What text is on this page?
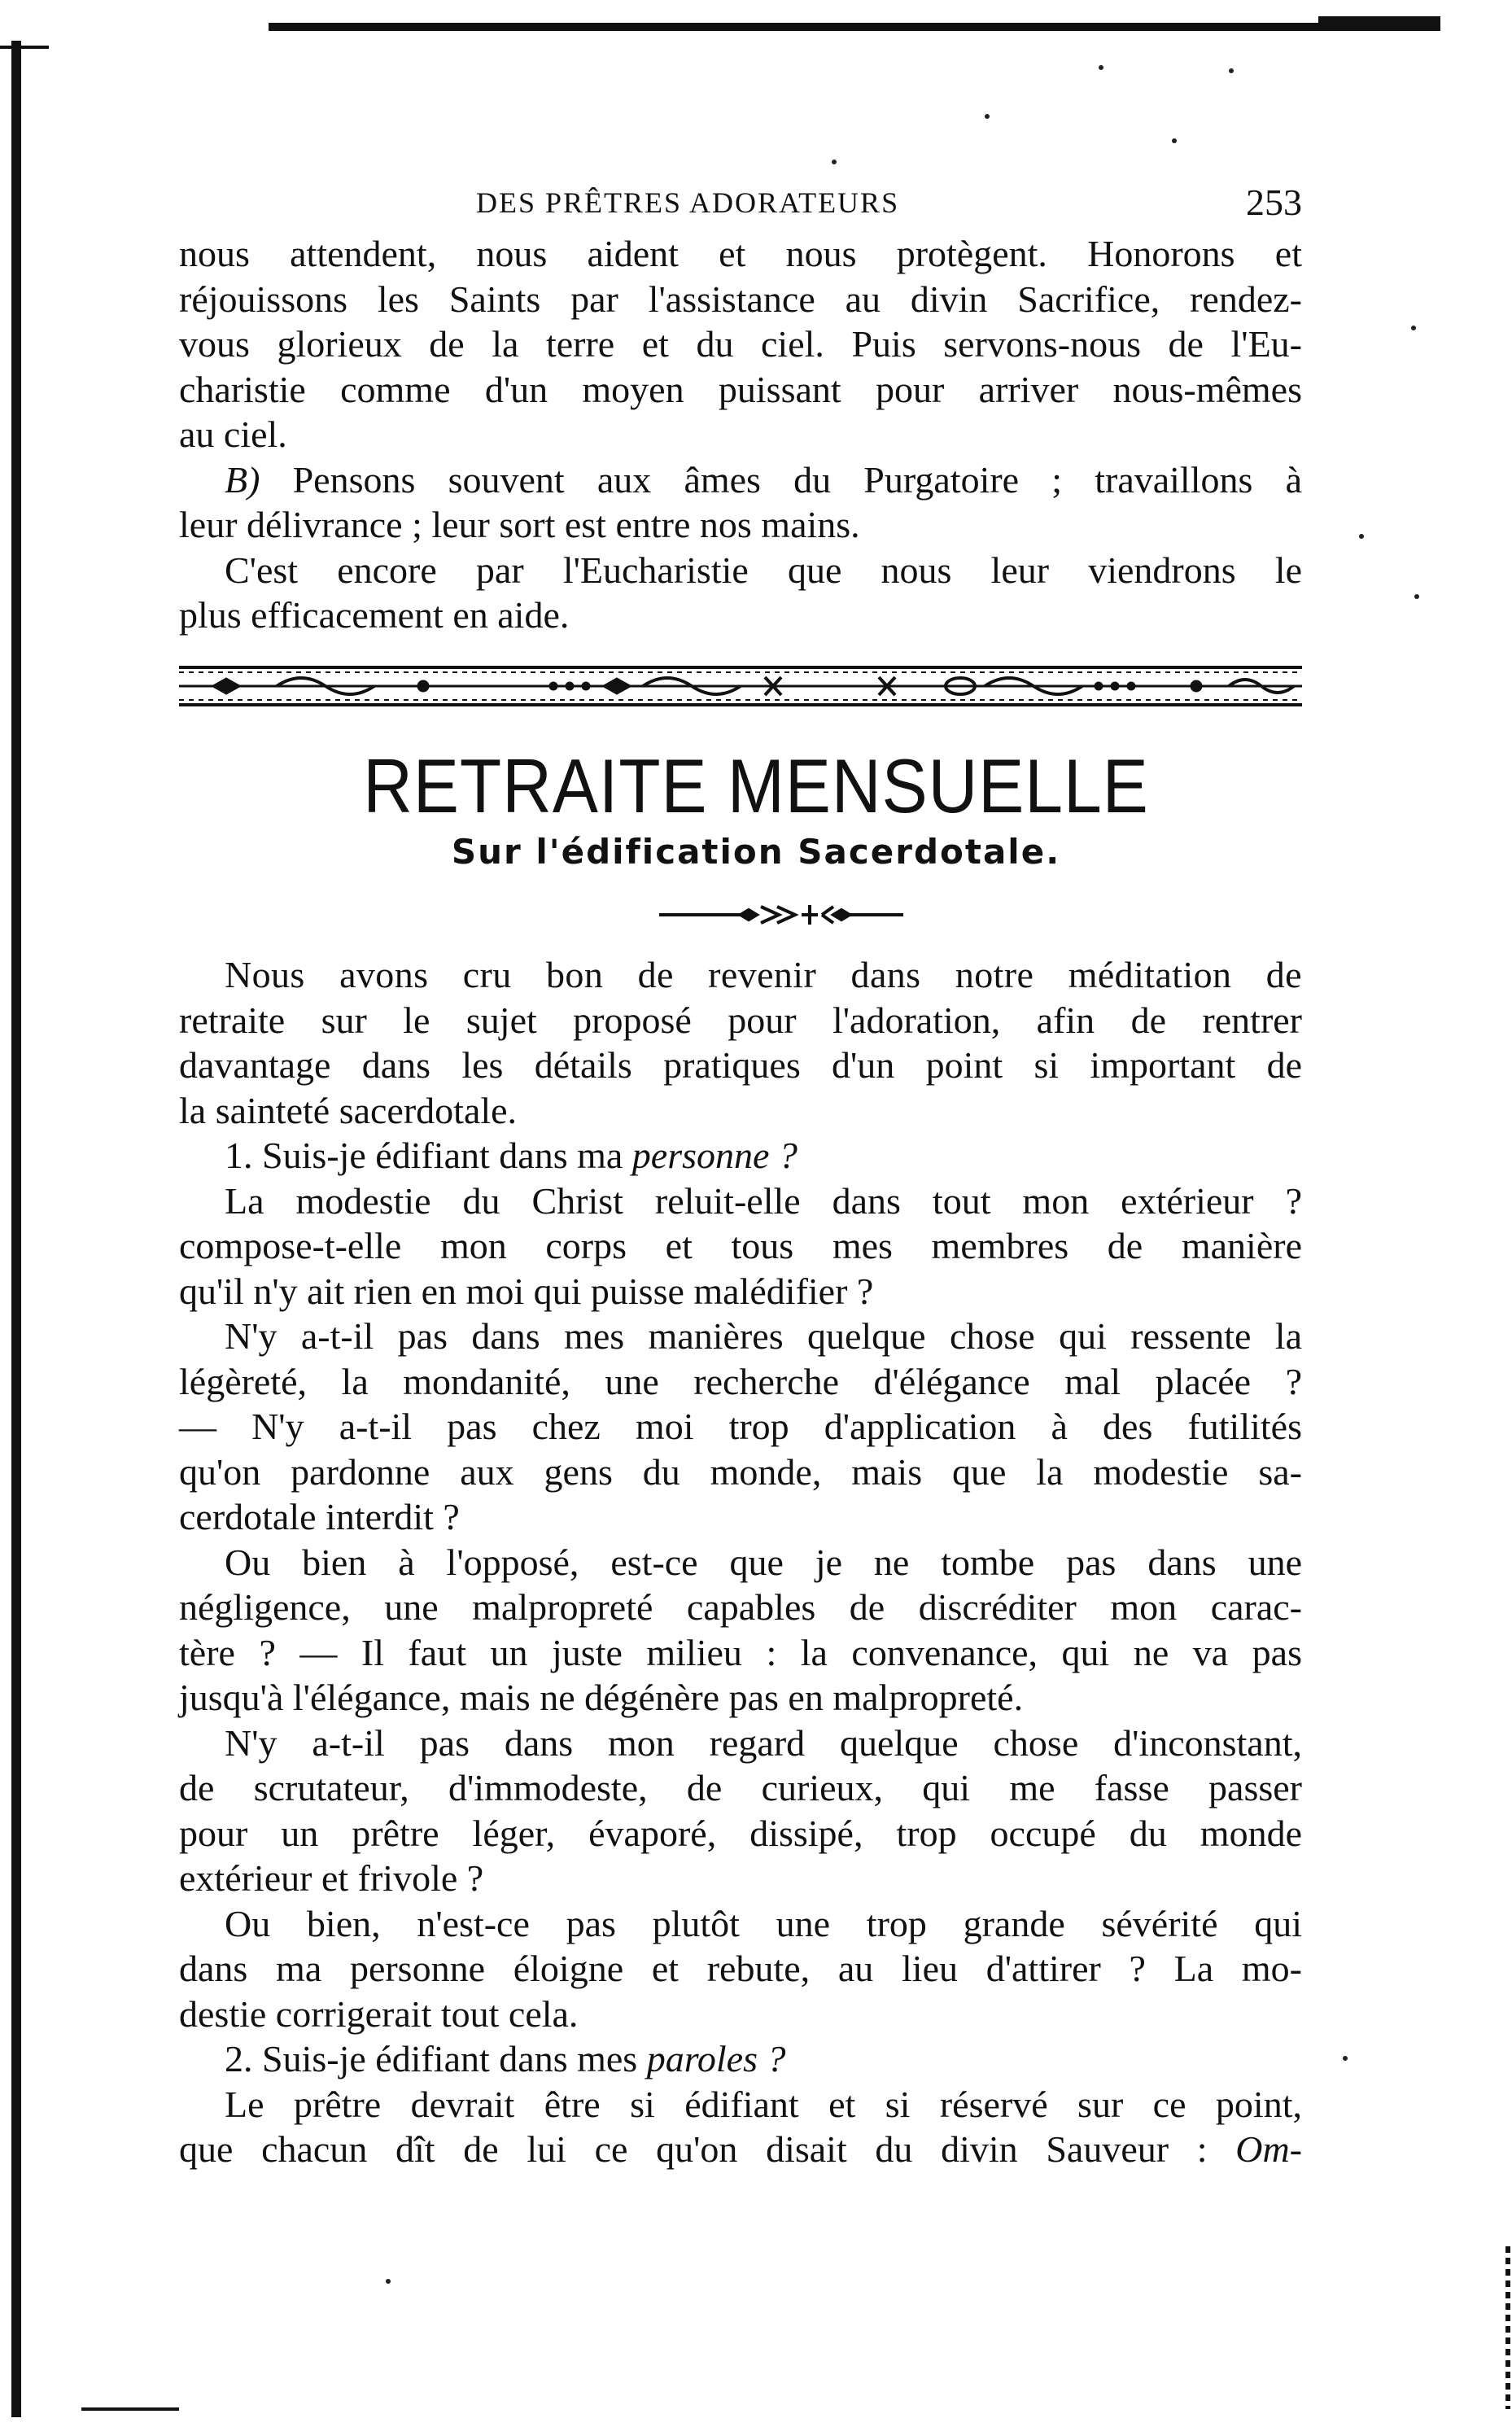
DES PRÊTRES ADORATEURS	253
nous attendent, nous aident et nous protègent. Honorons et
réjouissons les Saints par l'assistance au divin Sacrifice, rendez-
vous glorieux de la terre et du ciel. Puis servons-nous de l'Eu-
charistie comme d'un moyen puissant pour arriver nous-mêmes
au ciel.
B) Pensons souvent aux âmes du Purgatoire ; travaillons à
leur délivrance ; leur sort est entre nos mains.
C'est encore par l'Eucharistie que nous leur viendrons le
plus efficacement en aide.
RETRAITE MENSUELLE
Sur l'édification Sacerdotale.
Nous avons cru bon de revenir dans notre méditation de
retraite sur le sujet proposé pour l'adoration, afin de rentrer
davantage dans les détails pratiques d'un point si important de
la sainteté sacerdotale.
1. Suis-je édifiant dans ma personne ?
La modestie du Christ reluit-elle dans tout mon extérieur ?
compose-t-elle mon corps et tous mes membres de manière
qu'il n'y ait rien en moi qui puisse malédifier ?
N'y a-t-il pas dans mes manières quelque chose qui ressente la
légèreté, la mondanité, une recherche d'élégance mal placée ?
— N'y a-t-il pas chez moi trop d'application à des futilités
qu'on pardonne aux gens du monde, mais que la modestie sa-
cerdotale interdit ?
Ou bien à l'opposé, est-ce que je ne tombe pas dans une
négligence, une malpropreté capables de discréditer mon carac-
tère ? — Il faut un juste milieu : la convenance, qui ne va pas
jusqu'à l'élégance, mais ne dégénère pas en malpropreté.
N'y a-t-il pas dans mon regard quelque chose d'inconstant,
de scrutateur, d'immodeste, de curieux, qui me fasse passer
pour un prêtre léger, évaporé, dissipé, trop occupé du monde
extérieur et frivole ?
Ou bien, n'est-ce pas plutôt une trop grande sévérité qui
dans ma personne éloigne et rebute, au lieu d'attirer ? La mo-
destie corrigerait tout cela.
2. Suis-je édifiant dans mes paroles ?
Le prêtre devrait être si édifiant et si réservé sur ce point,
que chacun dît de lui ce qu'on disait du divin Sauveur : Om-
